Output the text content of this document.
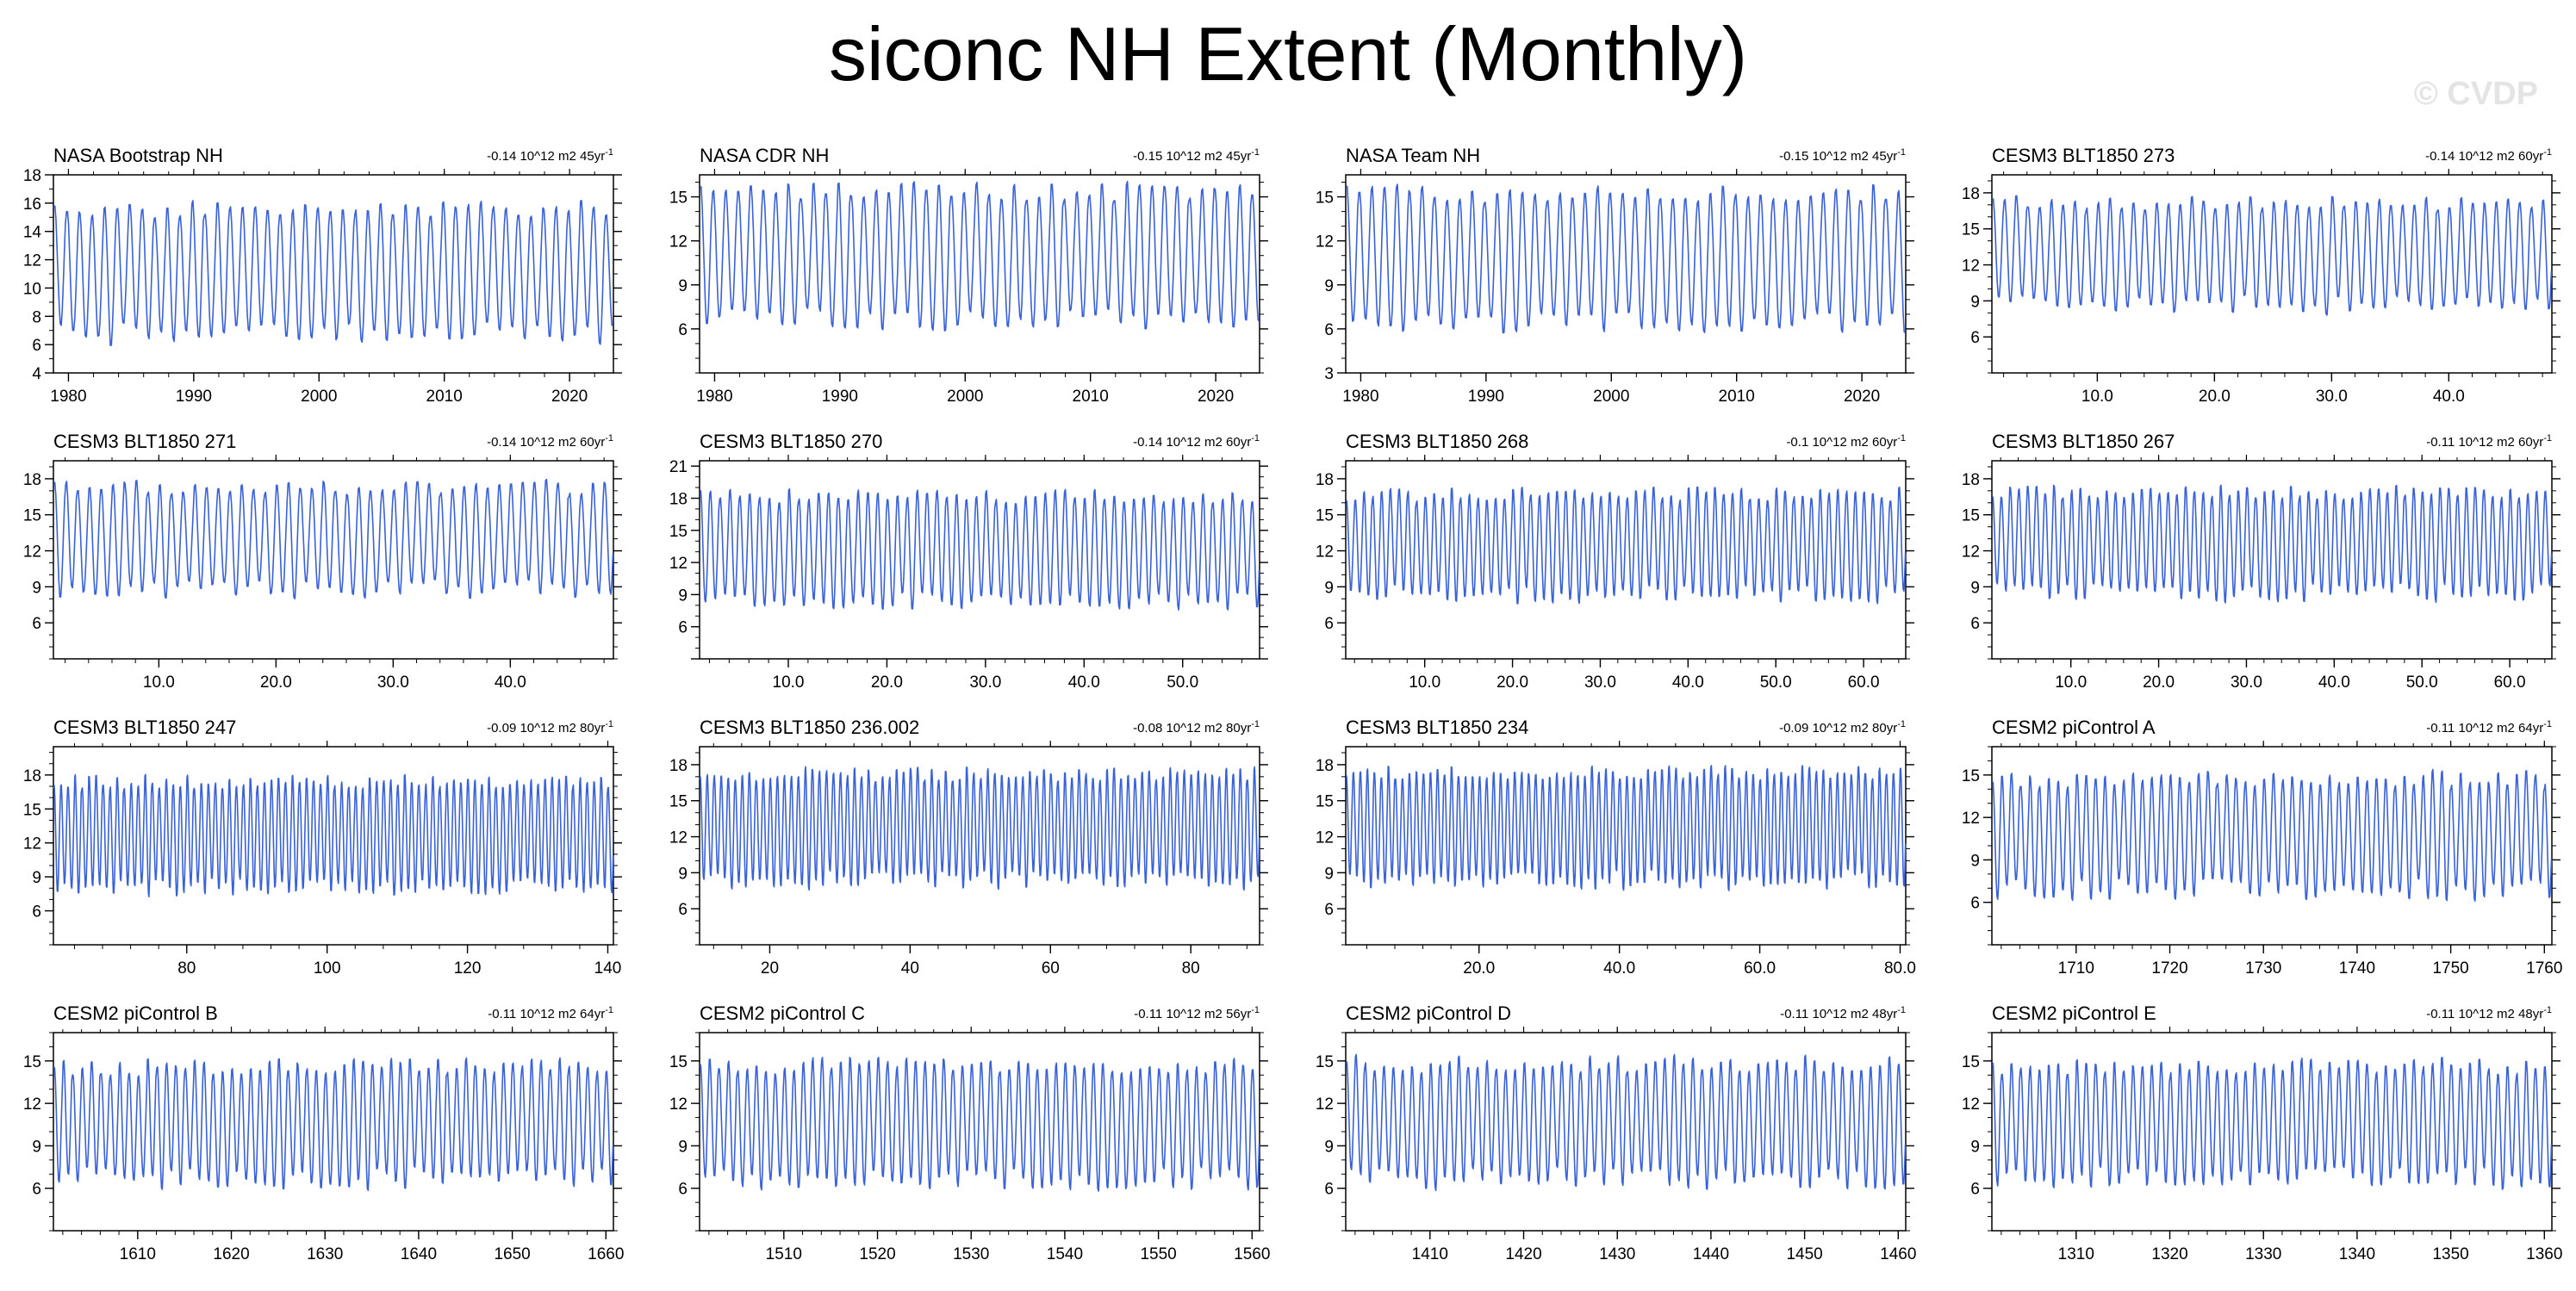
siconc NH Extent (Monthly)	© CVDP
NASA Bootstrap NH	-0.14 10^12 m2 $45yr^{-1}$
1980	1990	2000	2010	2020
4
6
8
10
12
14
16
18
NASA CDR NH	-0.15 10^12 m2 $45yr^{-1}$
1980	1990	2000	2010	2020
6
9
12
15
NASA Team NH	-0.15 10^12 m2 $45yr^{-1}$
1980	1990	2000	2010	2020
3
6
9
12
15
CESM3 BLT1850 273	-0.14 10^12 m2 $60yr^{-1}$
10.0	20.0	30.0	40.0
6
9
12
15
18
CESM3 BLT1850 271	-0.14 10^12 m2 $60yr^{-1}$
10.0	20.0	30.0	40.0
6
9
12
15
18
CESM3 BLT1850 270	-0.14 10^12 m2 $60yr^{-1}$
10.0	20.0	30.0	40.0	50.0
6
9
12
15
18
21
CESM3 BLT1850 268	-0.1 10^12 m2 $60yr^{-1}$
10.0	20.0	30.0	40.0	50.0	60.0
6
9
12
15
18
CESM3 BLT1850 267	-0.11 10^12 m2 $60yr^{-1}$
10.0	20.0	30.0	40.0	50.0	60.0
6
9
12
15
18
CESM3 BLT1850 247	-0.09 10^12 m2 $80yr^{-1}$
80	100	120	140
6
9
12
15
18
CESM3 BLT1850 236.002	-0.08 10^12 m2 $80yr^{-1}$
20	40	60	80
6
9
12
15
18
CESM3 BLT1850 234	-0.09 10^12 m2 $80yr^{-1}$
20.0	40.0	60.0	80.0
6
9
12
15
18
CESM2 piControl A	-0.11 10^12 m2 $64yr^{-1}$
1710	1720	1730	1740	1750	1760
6
9
12
15
CESM2 piControl B	-0.11 10^12 m2 $64yr^{-1}$
1610	1620	1630	1640	1650	1660
6
9
12
15
CESM2 piControl C	-0.11 10^12 m2 $56yr^{-1}$
1510	1520	1530	1540	1550	1560
6
9
12
15
CESM2 piControl D	-0.11 10^12 m2 $48yr^{-1}$
1410	1420	1430	1440	1450	1460
6
9
12
15
CESM2 piControl E	-0.11 10^12 m2 $48yr^{-1}$
1310	1320	1330	1340	1350	1360
6
9
12
15
